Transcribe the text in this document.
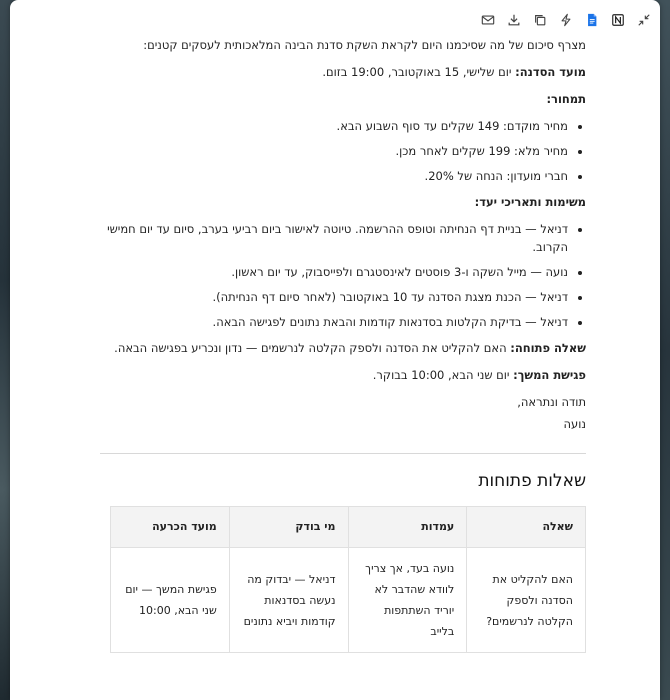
מצרף סיכום של מה שסיכמנו היום לקראת השקת סדנת הבינה המלאכותית לעסקים קטנים:

מועד הסדנה: יום שלישי, 15 באוקטובר, 19:00 בזום.

תמחור:

• מחיר מוקדם: 149 שקלים עד סוף השבוע הבא.
• מחיר מלא: 199 שקלים לאחר מכן.
• חברי מועדון: הנחה של 20%.

משימות ותאריכי יעד:

• דניאל — בניית דף הנחיתה וטופס ההרשמה. טיוטה לאישור ביום רביעי בערב, סיום עד יום חמישי הקרוב.
• נועה — מייל השקה ו-3 פוסטים לאינסטגרם ולפייסבוק, עד יום ראשון.
• דניאל — הכנת מצגת הסדנה עד 10 באוקטובר (לאחר סיום דף הנחיתה).
• דניאל — בדיקת הקלטות בסדנאות קודמות והבאת נתונים לפגישה הבאה.

שאלה פתוחה: האם להקליט את הסדנה ולספק הקלטה לנרשמים — נדון ונכריע בפגישה הבאה.

פגישת המשך: יום שני הבא, 10:00 בבוקר.

תודה ונתראה,

נועה

שאלות פתוחות
שאלה	עמדות	מי בודק	מועד הכרעה
האם להקליט את הסדנה ולספק הקלטה לנרשמים?	נועה בעד, אך צריך לוודא שהדבר לא יוריד השתתפות בלייב	דניאל — יבדוק מה נעשה בסדנאות קודמות ויביא נתונים	פגישת המשך — יום שני הבא, 10:00
